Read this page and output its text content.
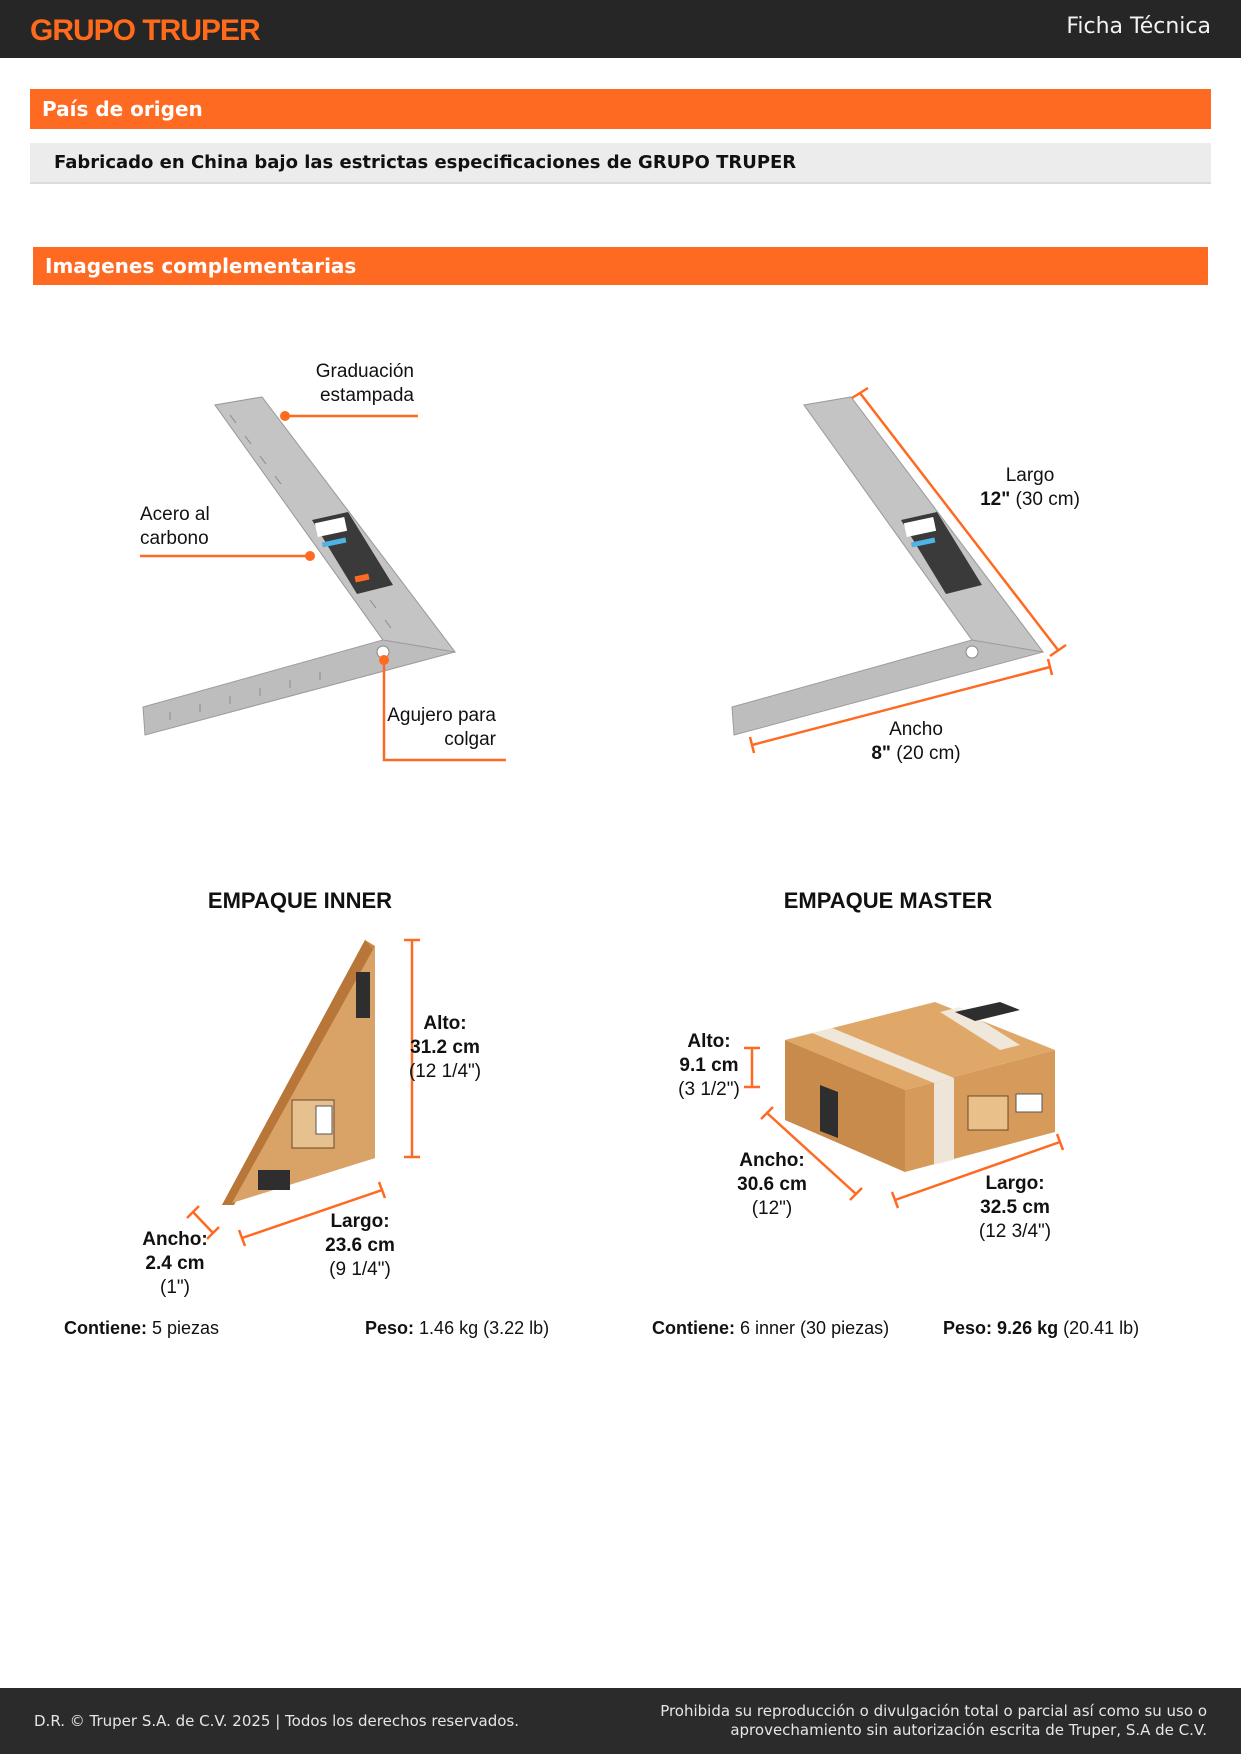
GRUPO TRUPER	Ficha Técnica
País de origen
Fabricado en China bajo las estrictas especificaciones de GRUPO TRUPER
Imagenes complementarias
Graduación
estampada
Acero al
carbono
Agujero para
colgar
Largo
12" (30 cm)
Ancho
8" (20 cm)
EMPAQUE INNER	EMPAQUE MASTER
Alto:
31.2 cm
(12 1/4")
Largo:
23.6 cm
(9 1/4")
Ancho:
2.4 cm
(1")
Alto:
9.1 cm
(3 1/2")
Ancho:
30.6 cm
(12")
Largo:
32.5 cm
(12 3/4")
Contiene: 5 piezas	Peso: 1.46 kg (3.22 lb)	Contiene: 6 inner (30 piezas)	Peso: 9.26 kg (20.41 lb)
D.R. © Truper S.A. de C.V. 2025 | Todos los derechos reservados.
Prohibida su reproducción o divulgación total o parcial así como su uso o
aprovechamiento sin autorización escrita de Truper, S.A de C.V.
